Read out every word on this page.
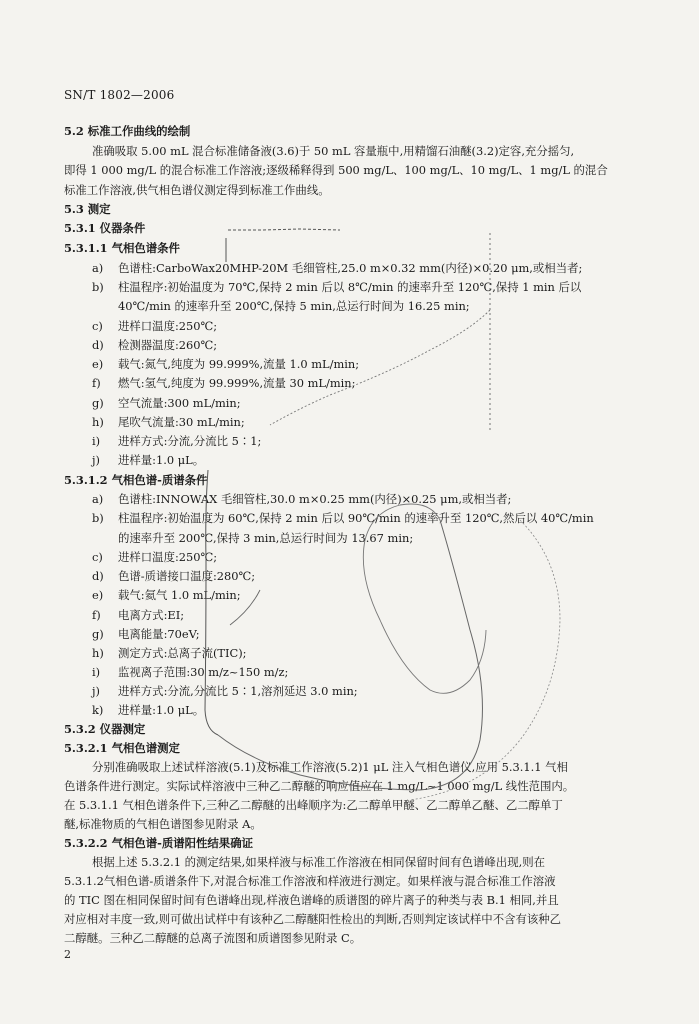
SN/T 1802—2006
5.2 标准工作曲线的绘制
准确吸取 5.00 mL 混合标准储备液(3.6)于 50 mL 容量瓶中,用精馏石油醚(3.2)定容,充分摇匀,
即得 1 000 mg/L 的混合标准工作溶液;逐级稀释得到 500 mg/L、100 mg/L、10 mg/L、1 mg/L 的混合
标准工作溶液,供气相色谱仪测定得到标准工作曲线。
5.3 测定
5.3.1 仪器条件
5.3.1.1 气相色谱条件
a) 色谱柱:CarboWax20MHP-20M 毛细管柱,25.0 m×0.32 mm(内径)×0.20 μm,或相当者;
b) 柱温程序:初始温度为 70℃,保持 2 min 后以 8℃/min 的速率升至 120℃,保持 1 min 后以
40℃/min 的速率升至 200℃,保持 5 min,总运行时间为 16.25 min;
c) 进样口温度:250℃;
d) 检测器温度:260℃;
e) 载气:氮气,纯度为 99.999%,流量 1.0 mL/min;
f) 燃气:氢气,纯度为 99.999%,流量 30 mL/min;
g) 空气流量:300 mL/min;
h) 尾吹气流量:30 mL/min;
i) 进样方式:分流,分流比 5∶1;
j) 进样量:1.0 μL。
5.3.1.2 气相色谱-质谱条件
a) 色谱柱:INNOWAX 毛细管柱,30.0 m×0.25 mm(内径)×0.25 μm,或相当者;
b) 柱温程序:初始温度为 60℃,保持 2 min 后以 90℃/min 的速率升至 120℃,然后以 40℃/min
的速率升至 200℃,保持 3 min,总运行时间为 13.67 min;
c) 进样口温度:250℃;
d) 色谱-质谱接口温度:280℃;
e) 载气:氦气 1.0 mL/min;
f) 电离方式:EI;
g) 电离能量:70eV;
h) 测定方式:总离子流(TIC);
i) 监视离子范围:30 m/z~150 m/z;
j) 进样方式:分流,分流比 5∶1,溶剂延迟 3.0 min;
k) 进样量:1.0 μL。
5.3.2 仪器测定
5.3.2.1 气相色谱测定
分别准确吸取上述试样溶液(5.1)及标准工作溶液(5.2)1 μL 注入气相色谱仪,应用 5.3.1.1 气相
色谱条件进行测定。实际试样溶液中三种乙二醇醚的响应值应在 1 mg/L~1 000 mg/L 线性范围内。
在 5.3.1.1 气相色谱条件下,三种乙二醇醚的出峰顺序为:乙二醇单甲醚、乙二醇单乙醚、乙二醇单丁
醚,标准物质的气相色谱图参见附录 A。
5.3.2.2 气相色谱-质谱阳性结果确证
根据上述 5.3.2.1 的测定结果,如果样液与标准工作溶液在相同保留时间有色谱峰出现,则在
5.3.1.2气相色谱-质谱条件下,对混合标准工作溶液和样液进行测定。如果样液与混合标准工作溶液
的 TIC 图在相同保留时间有色谱峰出现,样液色谱峰的质谱图的碎片离子的种类与表 B.1 相同,并且
对应相对丰度一致,则可做出试样中有该种乙二醇醚阳性检出的判断,否则判定该试样中不含有该种乙
二醇醚。三种乙二醇醚的总离子流图和质谱图参见附录 C。
2
